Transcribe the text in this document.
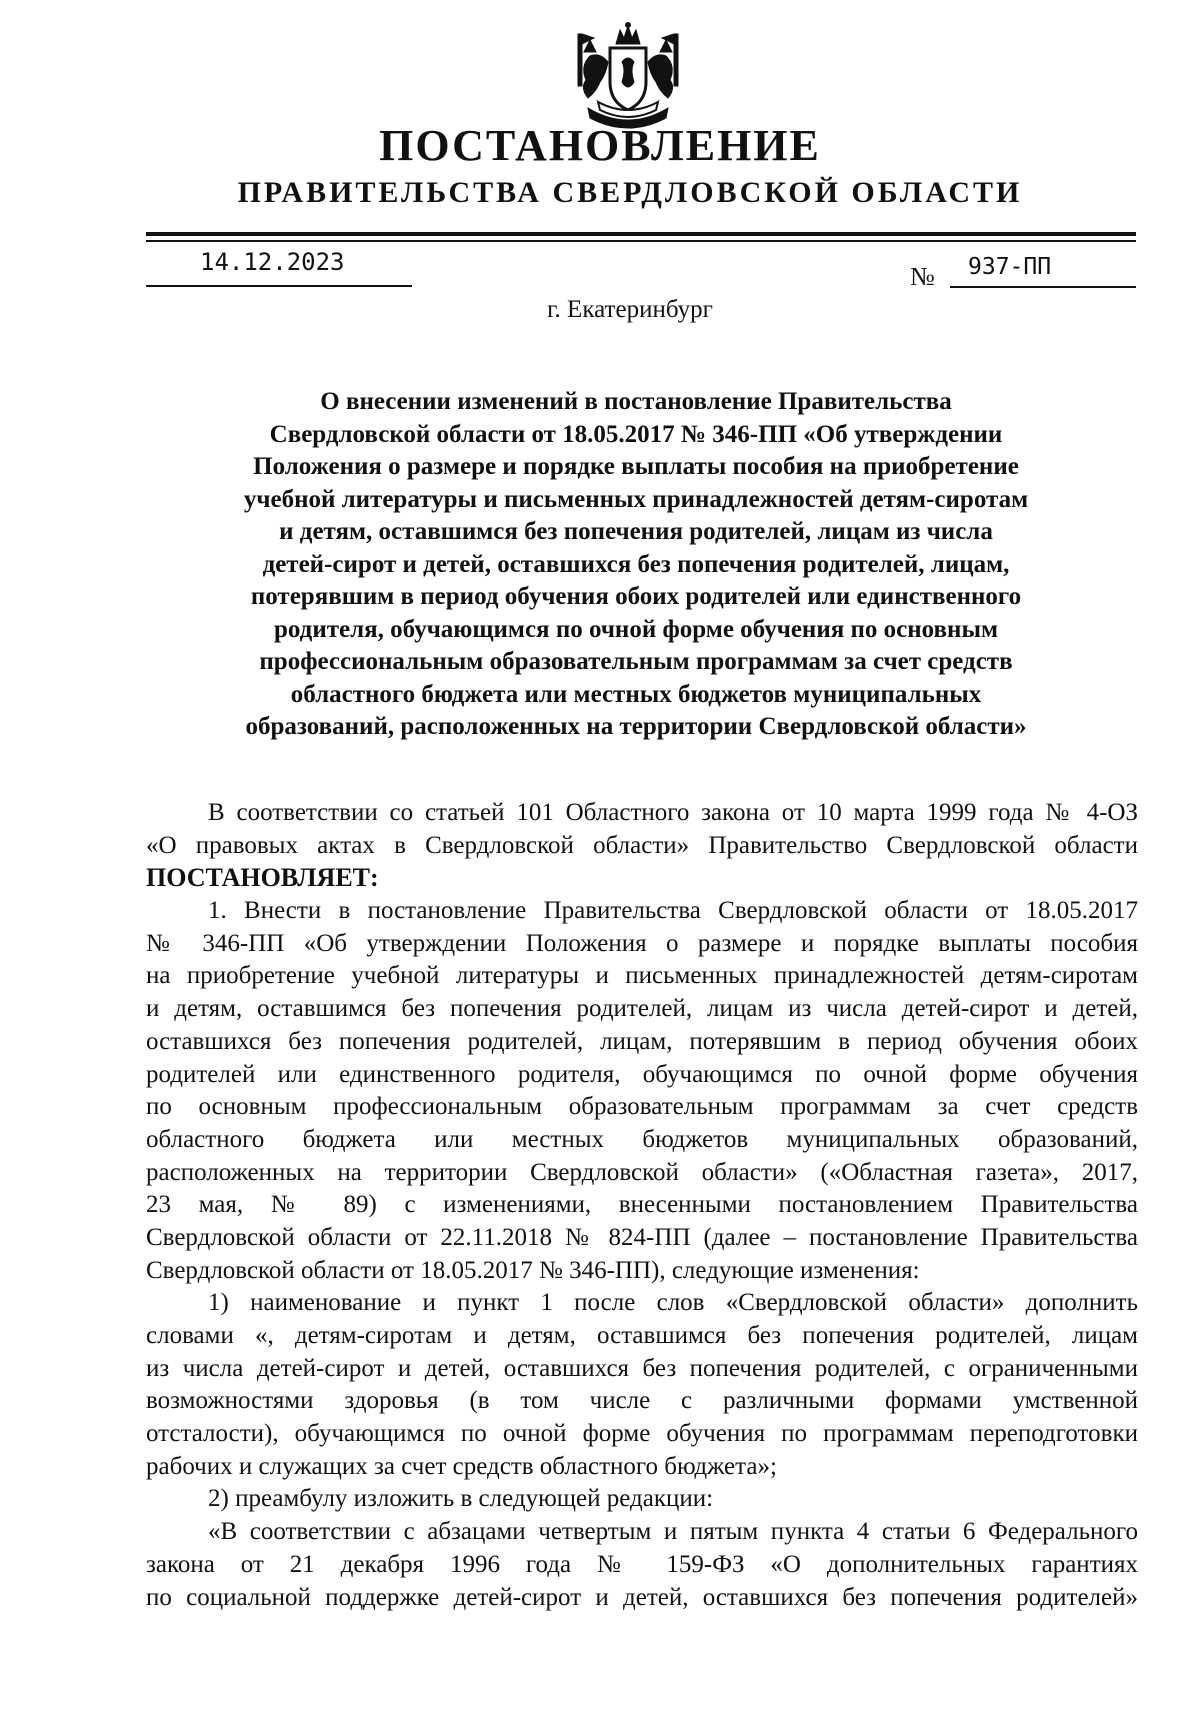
ПОСТАНОВЛЕНИЕ
ПРАВИТЕЛЬСТВА СВЕРДЛОВСКОЙ ОБЛАСТИ
14.12.2023	№ 937-ПП
г. Екатеринбург
О внесении изменений в постановление Правительства
Свердловской области от 18.05.2017 № 346-ПП «Об утверждении
Положения о размере и порядке выплаты пособия на приобретение
учебной литературы и письменных принадлежностей детям-сиротам
и детям, оставшимся без попечения родителей, лицам из числа
детей-сирот и детей, оставшихся без попечения родителей, лицам,
потерявшим в период обучения обоих родителей или единственного
родителя, обучающимся по очной форме обучения по основным
профессиональным образовательным программам за счет средств
областного бюджета или местных бюджетов муниципальных
образований, расположенных на территории Свердловской области»
В соответствии со статьей 101 Областного закона от 10 марта 1999 года № 4-ОЗ
«О правовых актах в Свердловской области» Правительство Свердловской области
ПОСТАНОВЛЯЕТ:
1. Внести в постановление Правительства Свердловской области от 18.05.2017
№ 346-ПП «Об утверждении Положения о размере и порядке выплаты пособия
на приобретение учебной литературы и письменных принадлежностей детям-сиротам
и детям, оставшимся без попечения родителей, лицам из числа детей-сирот и детей,
оставшихся без попечения родителей, лицам, потерявшим в период обучения обоих
родителей или единственного родителя, обучающимся по очной форме обучения
по основным профессиональным образовательным программам за счет средств
областного бюджета или местных бюджетов муниципальных образований,
расположенных на территории Свердловской области» («Областная газета», 2017,
23 мая, № 89) с изменениями, внесенными постановлением Правительства
Свердловской области от 22.11.2018 № 824-ПП (далее – постановление Правительства
Свердловской области от 18.05.2017 № 346-ПП), следующие изменения:
1) наименование и пункт 1 после слов «Свердловской области» дополнить
словами «, детям-сиротам и детям, оставшимся без попечения родителей, лицам
из числа детей-сирот и детей, оставшихся без попечения родителей, с ограниченными
возможностями здоровья (в том числе с различными формами умственной
отсталости), обучающимся по очной форме обучения по программам переподготовки
рабочих и служащих за счет средств областного бюджета»;
2) преамбулу изложить в следующей редакции:
«В соответствии с абзацами четвертым и пятым пункта 4 статьи 6 Федерального
закона от 21 декабря 1996 года № 159-ФЗ «О дополнительных гарантиях
по социальной поддержке детей-сирот и детей, оставшихся без попечения родителей»
